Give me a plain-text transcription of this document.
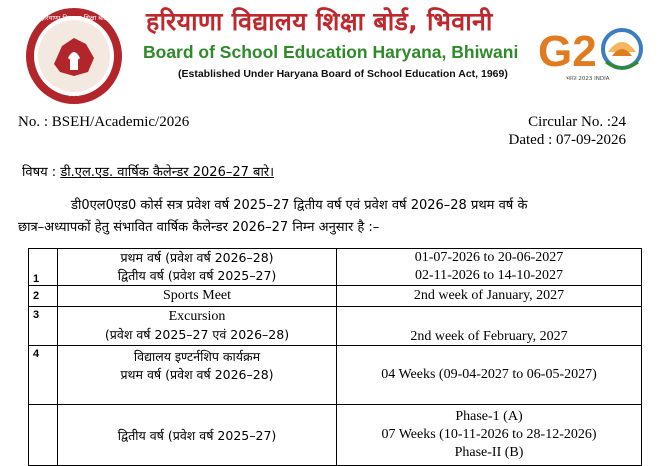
हरियाणा विद्यालय शिक्षा बोर्ड
* * *
हरियाणा विद्यालय शिक्षा बोर्ड, भिवानी
Board of School Education Haryana, Bhiwani
(Established Under Haryana Board of School Education Act, 1969) G2
भारत 2023 INDIA
No. : BSEH/Academic/2026	Circular No. :24
Dated : 07-09-2026
विषय : डी.एल.एड. वार्षिक कैलेन्डर 2026–27 बारे।
डी0एल0एड0 कोर्स सत्र प्रवेश वर्ष 2025–27 द्वितीय वर्ष एवं प्रवेश वर्ष 2026–28 प्रथम वर्ष के
छात्र–अध्यापकों हेतु संभावित वार्षिक कैलेन्डर 2026–27 निम्न अनुसार है :–
1	प्रथम वर्ष (प्रवेश वर्ष 2026–28)
द्वितीय वर्ष (प्रवेश वर्ष 2025–27)	01-07-2026 to 20-06-2027
02-11-2026 to 14-10-2027

2	Sports Meet	2nd week of January, 2027
3	Excursion
(प्रवेश वर्ष 2025–27 एवं 2026–28)	2nd week of February, 2027
4	विद्यालय इण्टर्नशिप कार्यक्रम
प्रथम वर्ष (प्रवेश वर्ष 2026–28)	04 Weeks (09-04-2027 to 06-05-2027)
	द्वितीय वर्ष (प्रवेश वर्ष 2025–27)	Phase-1 (A)
07 Weeks (10-11-2026 to 28-12-2026)
Phase-II (B)
